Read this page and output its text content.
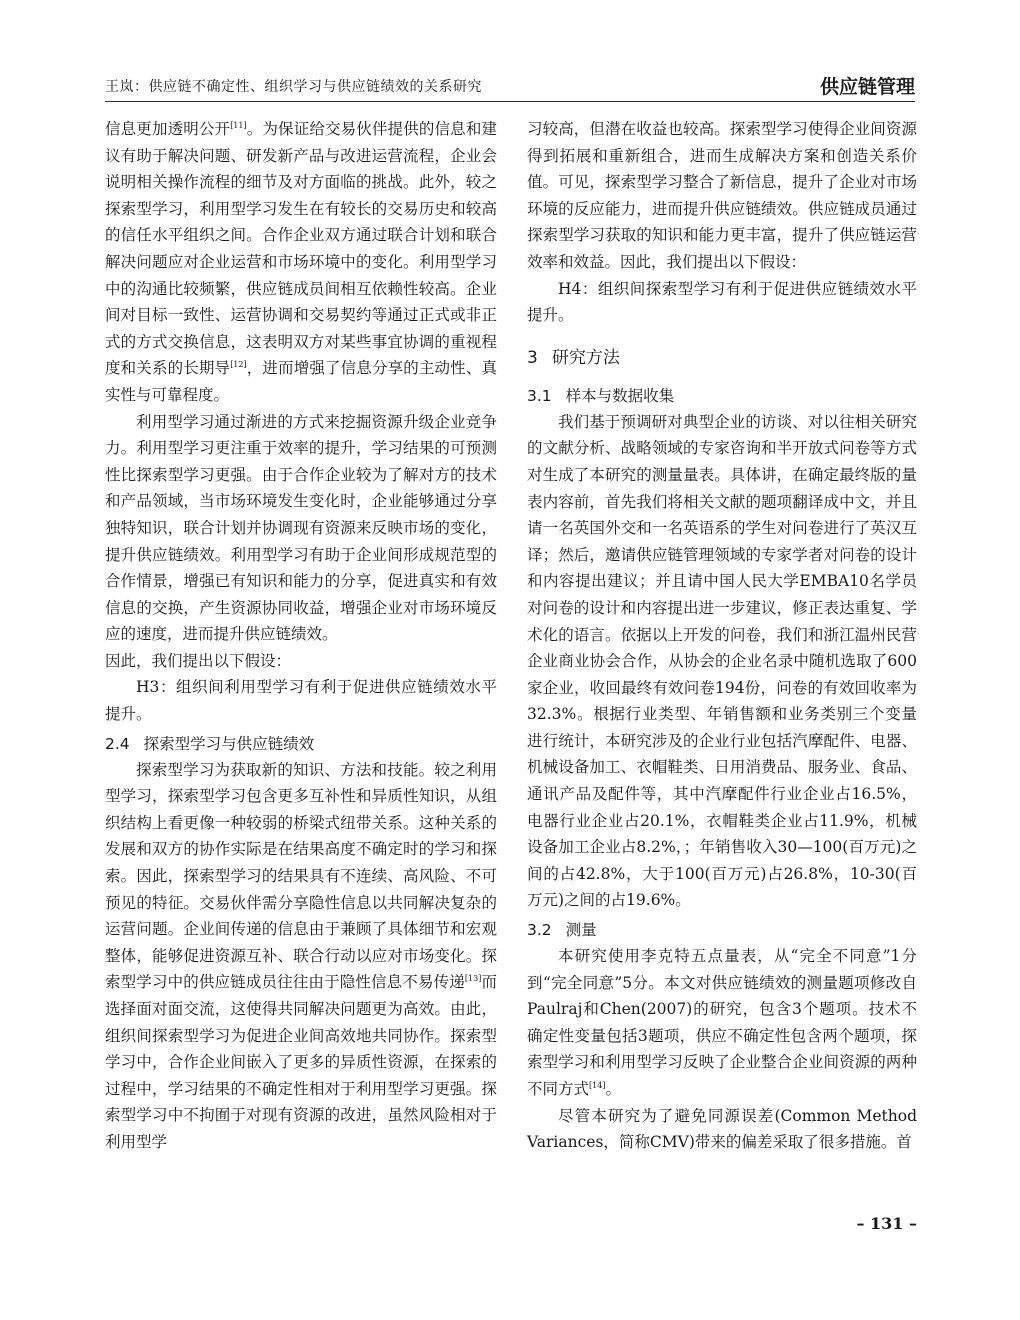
王岚：供应链不确定性、组织学习与供应链绩效的关系研究	供应链管理

信息更加透明公开[11]。为保证给交易伙伴提供的信息和建议有助于解决问题、研发新产品与改进运营流程，企业会说明相关操作流程的细节及对方面临的挑战。此外，较之探索型学习，利用型学习发生在有较长的交易历史和较高的信任水平组织之间。合作企业双方通过联合计划和联合解决问题应对企业运营和市场环境中的变化。利用型学习中的沟通比较频繁，供应链成员间相互依赖性较高。企业间对目标一致性、运营协调和交易契约等通过正式或非正式的方式交换信息，这表明双方对某些事宜协调的重视程度和关系的长期导[12]，进而增强了信息分享的主动性、真实性与可靠程度。

利用型学习通过渐进的方式来挖掘资源升级企业竞争力。利用型学习更注重于效率的提升，学习结果的可预测性比探索型学习更强。由于合作企业较为了解对方的技术和产品领域，当市场环境发生变化时，企业能够通过分享独特知识，联合计划并协调现有资源来反映市场的变化，提升供应链绩效。利用型学习有助于企业间形成规范型的合作情景，增强已有知识和能力的分享，促进真实和有效信息的交换，产生资源协同收益，增强企业对市场环境反应的速度，进而提升供应链绩效。

因此，我们提出以下假设：

H3：组织间利用型学习有利于促进供应链绩效水平提升。

2.4 探索型学习与供应链绩效

探索型学习为获取新的知识、方法和技能。较之利用型学习，探索型学习包含更多互补性和异质性知识，从组织结构上看更像一种较弱的桥梁式纽带关系。这种关系的发展和双方的协作实际是在结果高度不确定时的学习和探索。因此，探索型学习的结果具有不连续、高风险、不可预见的特征。交易伙伴需分享隐性信息以共同解决复杂的运营问题。企业间传递的信息由于兼顾了具体细节和宏观整体，能够促进资源互补、联合行动以应对市场变化。探索型学习中的供应链成员往往由于隐性信息不易传递[13]而选择面对面交流，这使得共同解决问题更为高效。由此，组织间探索型学习为促进企业间高效地共同协作。探索型学习中，合作企业间嵌入了更多的异质性资源，在探索的过程中，学习结果的不确定性相对于利用型学习更强。探索型学习中不拘囿于对现有资源的改进，虽然风险相对于利用型学

习较高，但潜在收益也较高。探索型学习使得企业间资源得到拓展和重新组合，进而生成解决方案和创造关系价值。可见，探索型学习整合了新信息，提升了企业对市场环境的反应能力，进而提升供应链绩效。供应链成员通过探索型学习获取的知识和能力更丰富，提升了供应链运营效率和效益。因此，我们提出以下假设：

H4：组织间探索型学习有利于促进供应链绩效水平提升。

3 研究方法
3.1 样本与数据收集

我们基于预调研对典型企业的访谈、对以往相关研究的文献分析、战略领域的专家咨询和半开放式问卷等方式对生成了本研究的测量量表。具体讲，在确定最终版的量表内容前，首先我们将相关文献的题项翻译成中文，并且请一名英国外交和一名英语系的学生对问卷进行了英汉互译；然后，邀请供应链管理领域的专家学者对问卷的设计和内容提出建议；并且请中国人民大学EMBA10名学员对问卷的设计和内容提出进一步建议，修正表达重复、学术化的语言。依据以上开发的问卷，我们和浙江温州民营企业商业协会合作，从协会的企业名录中随机选取了600家企业，收回最终有效问卷194份，问卷的有效回收率为32.3%。根据行业类型、年销售额和业务类别三个变量进行统计，本研究涉及的企业行业包括汽摩配件、电器、机械设备加工、衣帽鞋类、日用消费品、服务业、食品、通讯产品及配件等，其中汽摩配件行业企业占16.5%，电器行业企业占20.1%，衣帽鞋类企业占11.9%，机械设备加工企业占8.2%，；年销售收入30—100(百万元)之间的占42.8%，大于100(百万元)占26.8%，10-30(百万元)之间的占19.6%。

3.2 测量

本研究使用李克特五点量表，从“完全不同意”1分到“完全同意”5分。本文对供应链绩效的测量题项修改自Paulraj和Chen(2007)的研究，包含3个题项。技术不确定性变量包括3题项，供应不确定性包含两个题项，探索型学习和利用型学习反映了企业整合企业间资源的两种不同方式[14]。

尽管本研究为了避免同源误差(Common Method Variances，简称CMV)带来的偏差采取了很多措施。首

– 131 –
